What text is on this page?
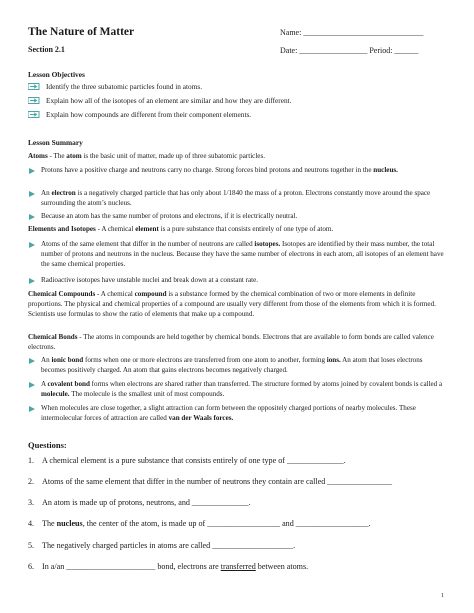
The Nature of Matter
Section 2.1
Name: ______________________________
Date: _________________ Period: ______
Lesson Objectives
Identify the three subatomic particles found in atoms.
Explain how all of the isotopes of an element are similar and how they are different.
Explain how compounds are different from their component elements.
Lesson Summary
Atoms - The atom is the basic unit of matter, made up of three subatomic particles.
Protons have a positive charge and neutrons carry no charge. Strong forces bind protons and neutrons together in the nucleus.
An electron is a negatively charged particle that has only about 1/1840 the mass of a proton. Electrons constantly move around the space surrounding the atom’s nucleus.
Because an atom has the same number of protons and electrons, if it is electrically neutral.
Elements and Isotopes - A chemical element is a pure substance that consists entirely of one type of atom.
Atoms of the same element that differ in the number of neutrons are called isotopes. Isotopes are identified by their mass number, the total number of protons and neutrons in the nucleus. Because they have the same number of electrons in each atom, all isotopes of an element have the same chemical properties.
Radioactive isotopes have unstable nuclei and break down at a constant rate.
Chemical Compounds - A chemical compound is a substance formed by the chemical combination of two or more elements in definite proportions. The physical and chemical properties of a compound are usually very different from those of the elements from which it is formed. Scientists use formulas to show the ratio of elements that make up a compound.
Chemical Bonds - The atoms in compounds are held together by chemical bonds. Electrons that are available to form bonds are called valence electrons.
An ionic bond forms when one or more electrons are transferred from one atom to another, forming ions. An atom that loses electrons becomes positively charged. An atom that gains electrons becomes negatively charged.
A covalent bond forms when electrons are shared rather than transferred. The structure formed by atoms joined by covalent bonds is called a molecule. The molecule is the smallest unit of most compounds.
When molecules are close together, a slight attraction can form between the oppositely charged portions of nearby molecules. These intermolecular forces of attraction are called van der Waals forces.
Questions:
1. A chemical element is a pure substance that consists entirely of one type of ______________.
2. Atoms of the same element that differ in the number of neutrons they contain are called ________________
3. An atom is made up of protons, neutrons, and ______________.
4. The nucleus, the center of the atom, is made up of __________________ and __________________.
5. The negatively charged particles in atoms are called ____________________.
6. In a/an ______________________ bond, electrons are transferred between atoms.
1
